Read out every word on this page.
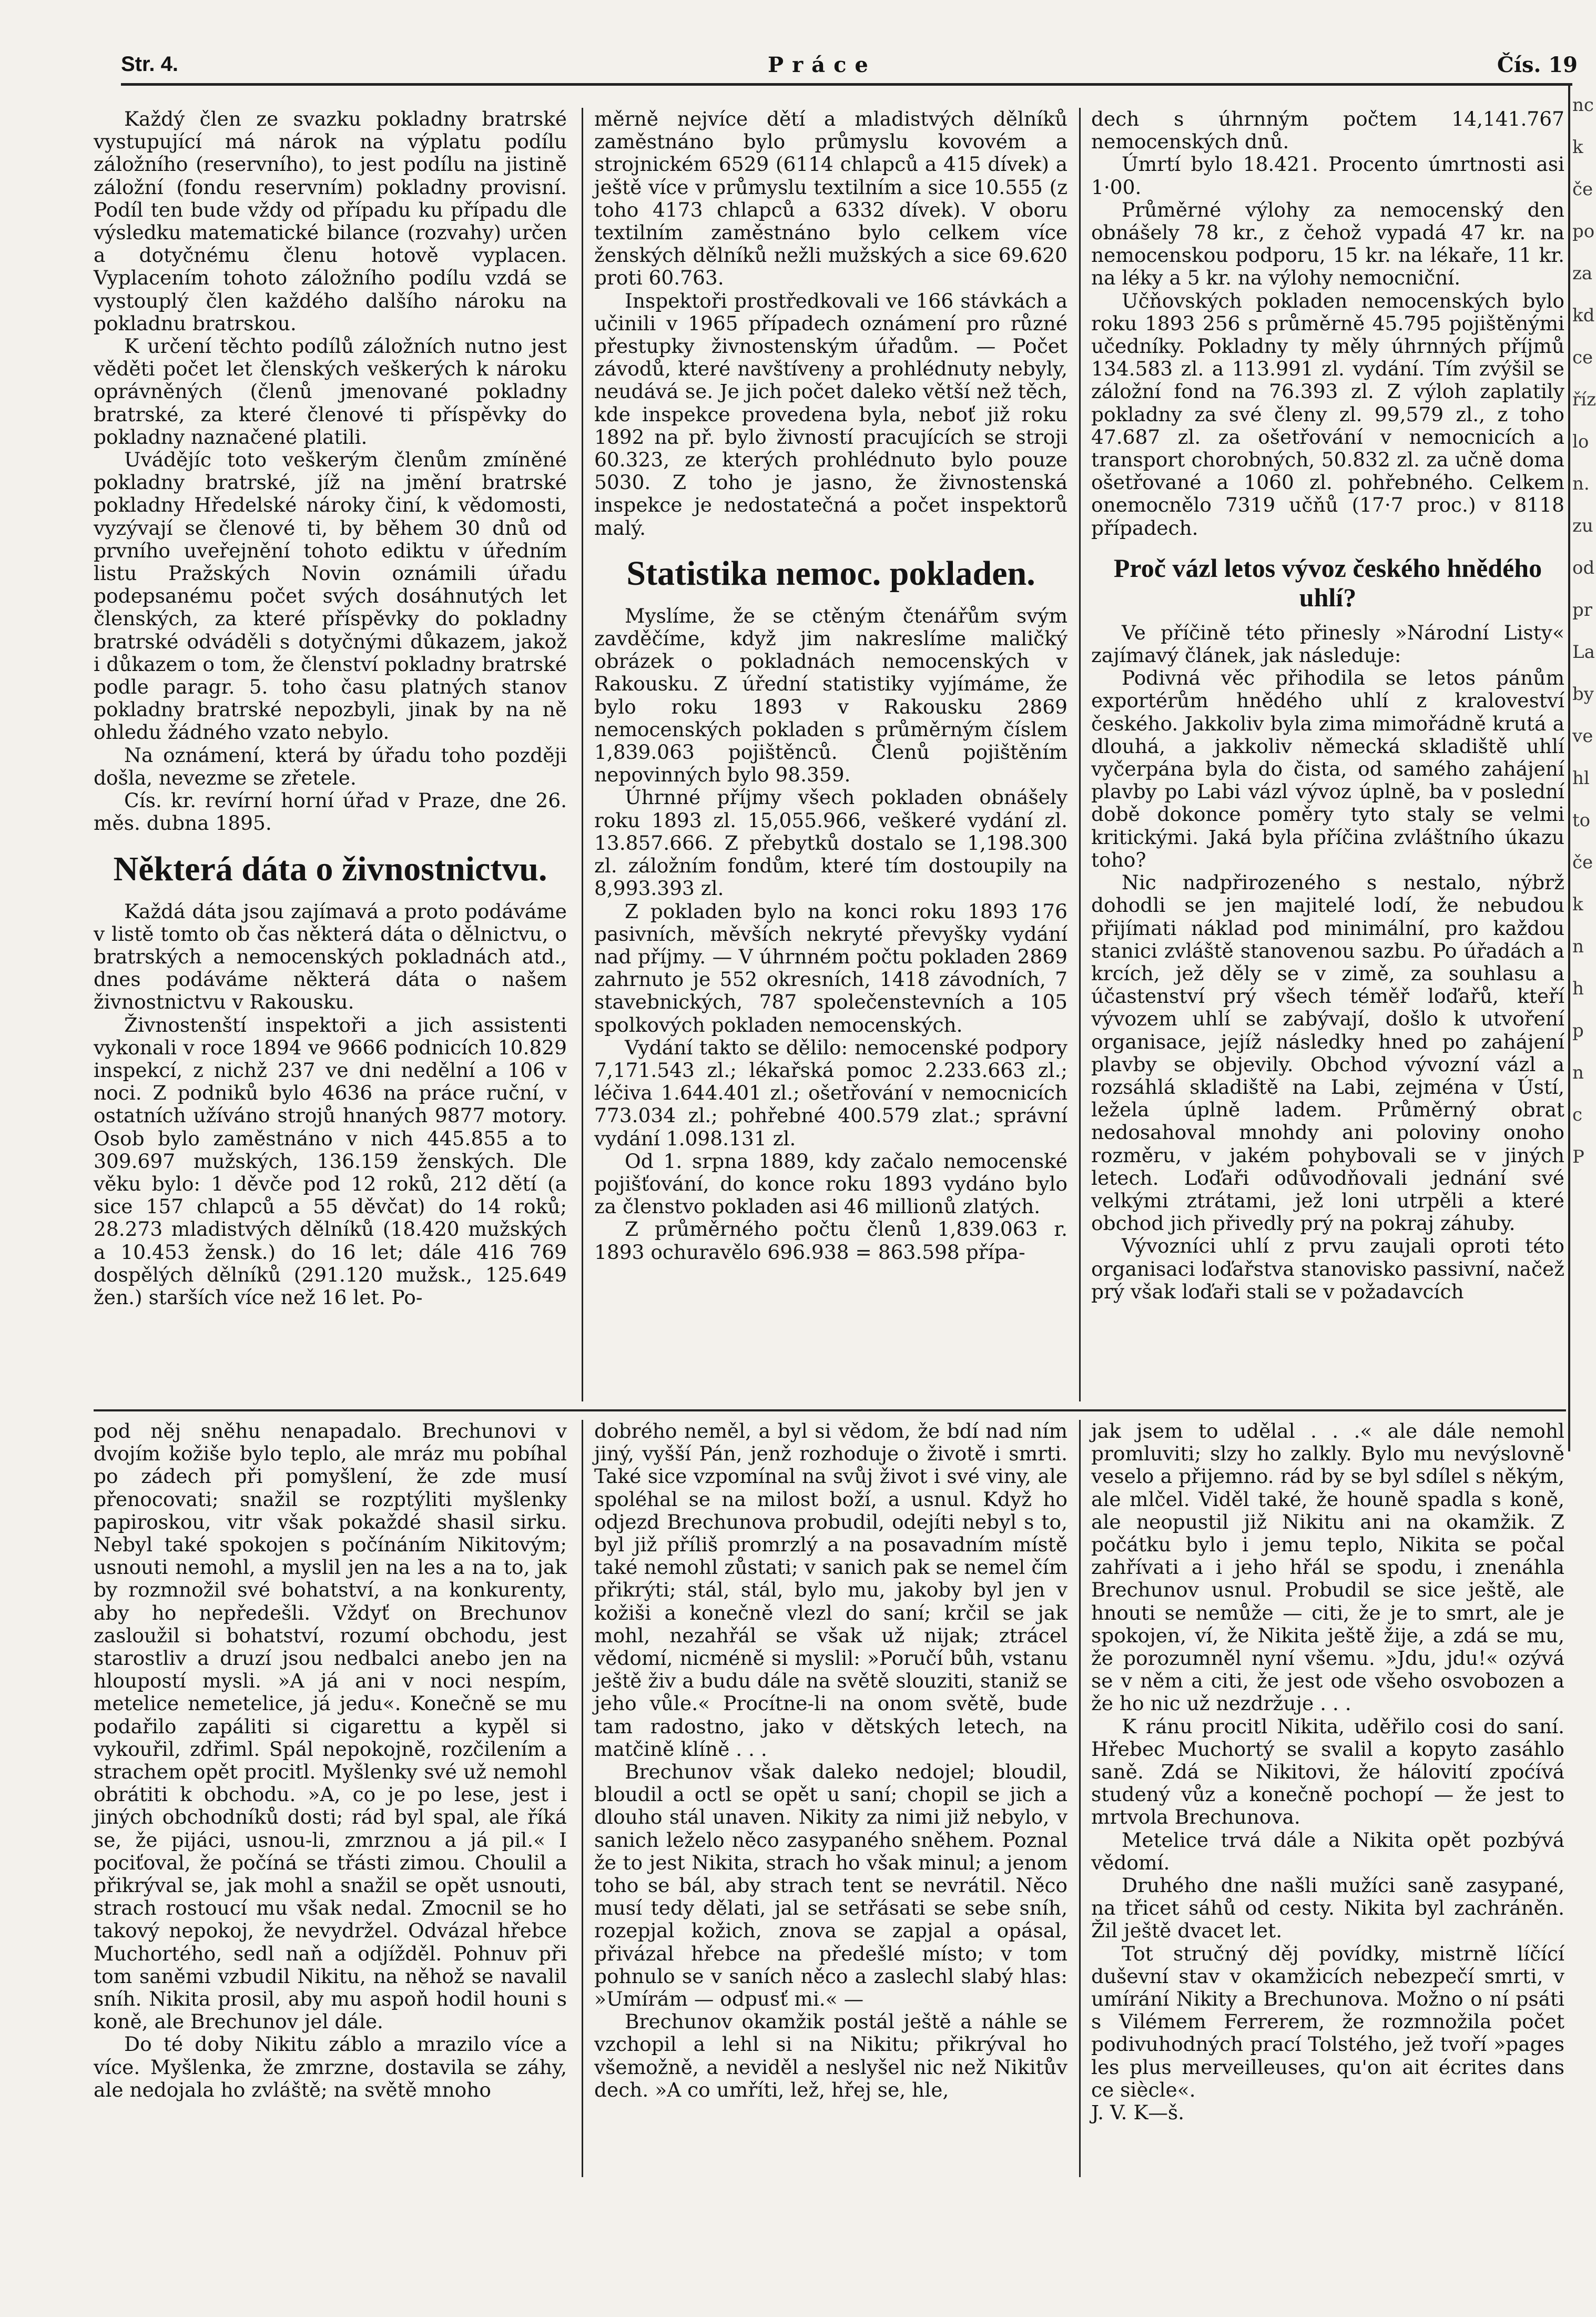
Str. 4.	Práce	Čís. 19

Každý člen ze svazku pokladny bratrské vystupující má nárok na výplatu podílu záložního (reservního), to jest podílu na jistině záložní (fondu reservním) pokladny provisní. Podíl ten bude vždy od případu ku případu dle výsledku matematické bilance (rozvahy) určen a dotyčnému členu hotově vyplacen. Vyplacením tohoto záložního podílu vzdá se vystouplý člen každého dalšího nároku na pokladnu bratrskou.

K určení těchto podílů záložních nutno jest věděti počet let členských veškerých k nároku oprávněných (členů jmenované pokladny bratrské, za které členové ti příspěvky do pokladny naznačené platili.

Uvádějíc toto veškerým členům zmíněné pokladny bratrské, jíž na jmění bratrské pokladny Hředelské nároky činí, k vědomosti, vyzývají se členové ti, by během 30 dnů od prvního uveřejnění tohoto ediktu v úředním listu Pražských Novin oznámili úřadu podepsanému počet svých dosáhnutých let členských, za které příspěvky do pokladny bratrské odváděli s dotyčnými důkazem, jakož i důkazem o tom, že členství pokladny bratrské podle paragr. 5. toho času platných stanov pokladny bratrské nepozbyli, jinak by na ně ohledu žádného vzato nebylo.

Na oznámení, která by úřadu toho později došla, nevezme se zřetele.

Cís. kr. revírní horní úřad v Praze, dne 26. měs. dubna 1895.

Některá dáta o živnostnictvu.

Každá dáta jsou zajímavá a proto podáváme v listě tomto ob čas některá dáta o dělnictvu, o bratrských a nemocenských pokladnách atd., dnes podáváme některá dáta o našem živnostnictvu v Rakousku.

Živnostenští inspektoři a jich assistenti vykonali v roce 1894 ve 9666 podnicích 10.829 inspekcí, z nichž 237 ve dni nedělní a 106 v noci. Z podniků bylo 4636 na práce ruční, v ostatních užíváno strojů hnaných 9877 motory. Osob bylo zaměstnáno v nich 445.855 a to 309.697 mužských, 136.159 ženských. Dle věku bylo: 1 děvče pod 12 roků, 212 dětí (a sice 157 chlapců a 55 děvčat) do 14 roků; 28.273 mladistvých dělníků (18.420 mužských a 10.453 žensk.) do 16 let; dále 416 769 dospělých dělníků (291.120 mužsk., 125.649 žen.) starších více než 16 let. Po-

měrně nejvíce dětí a mladistvých dělníků zaměstnáno bylo průmyslu kovovém a strojnickém 6529 (6114 chlapců a 415 dívek) a ještě více v průmyslu textilním a sice 10.555 (z toho 4173 chlapců a 6332 dívek). V oboru textilním zaměstnáno bylo celkem více ženských dělníků nežli mužských a sice 69.620 proti 60.763.

Inspektoři prostředkovali ve 166 stávkách a učinili v 1965 případech oznámení pro různé přestupky živnostenským úřadům. — Počet závodů, které navštíveny a prohlédnuty nebyly, neudává se. Je jich počet daleko větší než těch, kde inspekce provedena byla, neboť již roku 1892 na př. bylo živností pracujících se stroji 60.323, ze kterých prohlédnuto bylo pouze 5030. Z toho je jasno, že živnostenská inspekce je nedostatečná a počet inspektorů malý.

Statistika nemoc. pokladen.

Myslíme, že se ctěným čtenářům svým zavděčíme, když jim nakreslíme maličký obrázek o pokladnách nemocenských v Rakousku. Z úřední statistiky vyjímáme, že bylo roku 1893 v Rakousku 2869 nemocenských pokladen s průměrným číslem 1,839.063 pojištěnců. Členů pojištěním nepovinných bylo 98.359.

Úhrnné příjmy všech pokladen obnášely roku 1893 zl. 15,055.966, veškeré vydání zl. 13.857.666. Z přebytků dostalo se 1,198.300 zl. záložním fondům, které tím dostoupily na 8,993.393 zl.

Z pokladen bylo na konci roku 1893 176 pasivních, měvších nekryté převyšky vydání nad příjmy. — V úhrnném počtu pokladen 2869 zahrnuto je 552 okresních, 1418 závodních, 7 stavebnických, 787 společenstevních a 105 spolkových pokladen nemocenských.

Vydání takto se dělilo: nemocenské podpory 7,171.543 zl.; lékařská pomoc 2.233.663 zl.; léčiva 1.644.401 zl.; ošetřování v nemocnicích 773.034 zl.; pohřebné 400.579 zlat.; správní vydání 1.098.131 zl.

Od 1. srpna 1889, kdy začalo nemocenské pojišťování, do konce roku 1893 vydáno bylo za členstvo pokladen asi 46 millionů zlatých.

Z průměrného počtu členů 1,839.063 r. 1893 ochuravělo 696.938 = 863.598 přípa-

dech s úhrnným počtem 14,141.767 nemocenských dnů.

Úmrtí bylo 18.421. Procento úmrtnosti asi 1·00.

Průměrné výlohy za nemocenský den obnášely 78 kr., z čehož vypadá 47 kr. na nemocenskou podporu, 15 kr. na lékaře, 11 kr. na léky a 5 kr. na výlohy nemocniční.

Učňovských pokladen nemocenských bylo roku 1893 256 s průměrně 45.795 pojištěnými učedníky. Pokladny ty měly úhrnných příjmů 134.583 zl. a 113.991 zl. vydání. Tím zvýšil se záložní fond na 76.393 zl. Z výloh zaplatily pokladny za své členy zl. 99,579 zl., z toho 47.687 zl. za ošetřování v nemocnicích a transport chorobných, 50.832 zl. za učně doma ošetřované a 1060 zl. pohřebného. Celkem onemocnělo 7319 učňů (17·7 proc.) v 8118 případech.

Proč vázl letos vývoz českého hnědého uhlí?

Ve příčině této přinesly »Národní Listy« zajímavý článek, jak následuje:

Podivná věc přihodila se letos pánům exportérům hnědého uhlí z kraloveství českého. Jakkoliv byla zima mimořádně krutá a dlouhá, a jakkoliv německá skladiště uhlí vyčerpána byla do čista, od samého zahájení plavby po Labi vázl vývoz úplně, ba v poslední době dokonce poměry tyto staly se velmi kritickými. Jaká byla příčina zvláštního úkazu toho?

Nic nadpřirozeného s nestalo, nýbrž dohodli se jen majitelé lodí, že nebudou přijímati náklad pod minimální, pro každou stanici zvláště stanovenou sazbu. Po úřadách a krcích, jež děly se v zimě, za souhlasu a účastenství prý všech téměř loďařů, kteří vývozem uhlí se zabývají, došlo k utvoření organisace, jejíž následky hned po zahájení plavby se objevily. Obchod vývozní vázl a rozsáhlá skladiště na Labi, zejména v Ústí, ležela úplně ladem. Průměrný obrat nedosahoval mnohdy ani poloviny onoho rozměru, v jakém pohybovali se v jiných letech. Loďaři odůvodňovali jednání své velkými ztrátami, jež loni utrpěli a které obchod jich přivedly prý na pokraj záhuby.

Vývozníci uhlí z prvu zaujali oproti této organisaci loďařstva stanovisko passivní, načež prý však loďaři stali se v požadavcích

pod něj sněhu nenapadalo. Brechunovi v dvojím kožiše bylo teplo, ale mráz mu pobíhal po zádech při pomyšlení, že zde musí přenocovati; snažil se rozptýliti myšlenky papiroskou, vitr však pokaždé shasil sirku. Nebyl také spokojen s počínáním Nikitovým; usnouti nemohl, a myslil jen na les a na to, jak by rozmnožil své bohatství, a na konkurenty, aby ho nepředešli. Vždyť on Brechunov zasloužil si bohatství, rozumí obchodu, jest starostliv a druzí jsou nedbalci anebo jen na hloupostí mysli. »A já ani v noci nespím, metelice nemetelice, já jedu«. Konečně se mu podařilo zapáliti si cigarettu a kypěl si vykouřil, zdřiml. Spál nepokojně, rozčilením a strachem opět procitl. Myšlenky své už nemohl obrátiti k obchodu. »A, co je po lese, jest i jiných obchodníků dosti; rád byl spal, ale říká se, že pijáci, usnou-li, zmrznou a já pil.« I pociťoval, že počíná se třásti zimou. Choulil a přikrýval se, jak mohl a snažil se opět usnouti, strach rostoucí mu však nedal. Zmocnil se ho takový nepokoj, že nevydržel. Odvázal hřebce Muchortého, sedl naň a odjížděl. Pohnuv při tom saněmi vzbudil Nikitu, na něhož se navalil sníh. Nikita prosil, aby mu aspoň hodil houni s koně, ale Brechunov jel dále.

Do té doby Nikitu záblo a mrazilo více a více. Myšlenka, že zmrzne, dostavila se záhy, ale nedojala ho zvláště; na světě mnoho

dobrého neměl, a byl si vědom, že bdí nad ním jiný, vyšší Pán, jenž rozhoduje o životě i smrti. Také sice vzpomínal na svůj život i své viny, ale spoléhal se na milost boží, a usnul. Když ho odjezd Brechunova probudil, odejíti nebyl s to, byl již příliš promrzlý a na posavadním místě také nemohl zůstati; v sanich pak se nemel čím přikrýti; stál, stál, bylo mu, jakoby byl jen v kožiši a konečně vlezl do saní; krčil se jak mohl, nezahřál se však už nijak; ztrácel vědomí, nicméně si myslil: »Poručí bůh, vstanu ještě živ a budu dále na světě slouziti, staniž se jeho vůle.« Procítne-li na onom světě, bude tam radostno, jako v dětských letech, na matčině klíně . . .

Brechunov však daleko nedojel; bloudil, bloudil a octl se opět u saní; chopil se jich a dlouho stál unaven. Nikity za nimi již nebylo, v sanich leželo něco zasypaného sněhem. Poznal že to jest Nikita, strach ho však minul; a jenom toho se bál, aby strach tent se nevrátil. Něco musí tedy dělati, jal se setřásati se sebe sníh, rozepjal kožich, znova se zapjal a opásal, přivázal hřebce na předešlé místo; v tom pohnulo se v saních něco a zaslechl slabý hlas: »Umírám — odpusť mi.« —

Brechunov okamžik postál ještě a náhle se vzchopil a lehl si na Nikitu; přikrýval ho všemožně, a neviděl a neslyšel nic než Nikitův dech. »A co umříti, lež, hřej se, hle,

jak jsem to udělal . . .« ale dále nemohl promluviti; slzy ho zalkly. Bylo mu nevýslovně veselo a přijemno. rád by se byl sdílel s někým, ale mlčel. Viděl také, že houně spadla s koně, ale neopustil již Nikitu ani na okamžik. Z počátku bylo i jemu teplo, Nikita se počal zahřívati a i jeho hřál se spodu, i znenáhla Brechunov usnul. Probudil se sice ještě, ale hnouti se nemůže — citi, že je to smrt, ale je spokojen, ví, že Nikita ještě žije, a zdá se mu, že porozumněl nyní všemu. »Jdu, jdu!« ozývá se v něm a citi, že jest ode všeho osvobozen a že ho nic už nezdržuje . . .

K ránu procitl Nikita, uděřilo cosi do saní. Hřebec Muchortý se svalil a kopyto zasáhlo saně. Zdá se Nikitovi, že hálovití zpoćívá studený vůz a konečně pochopí — že jest to mrtvola Brechunova.

Metelice trvá dále a Nikita opět pozbývá vědomí.

Druhého dne našli mužíci saně zasypané, na třicet sáhů od cesty. Nikita byl zachráněn. Žil ještě dvacet let.

Tot stručný děj povídky, mistrně líčící duševní stav v okamžicích nebezpečí smrti, v umírání Nikity a Brechunova. Možno o ní psáti s Vilémem Ferrerem, že rozmnožila počet podivuhodných prací Tolstého, jež tvoří »pages les plus merveilleuses, qu'on ait écrites dans ce siècle«.

J. V. K—š.

nc
k
če
po
za
kd
ce
říz
lo
n.
zu
od
pr
La
by
ve
hl
to
če
k
n
h
p
n
c
P
